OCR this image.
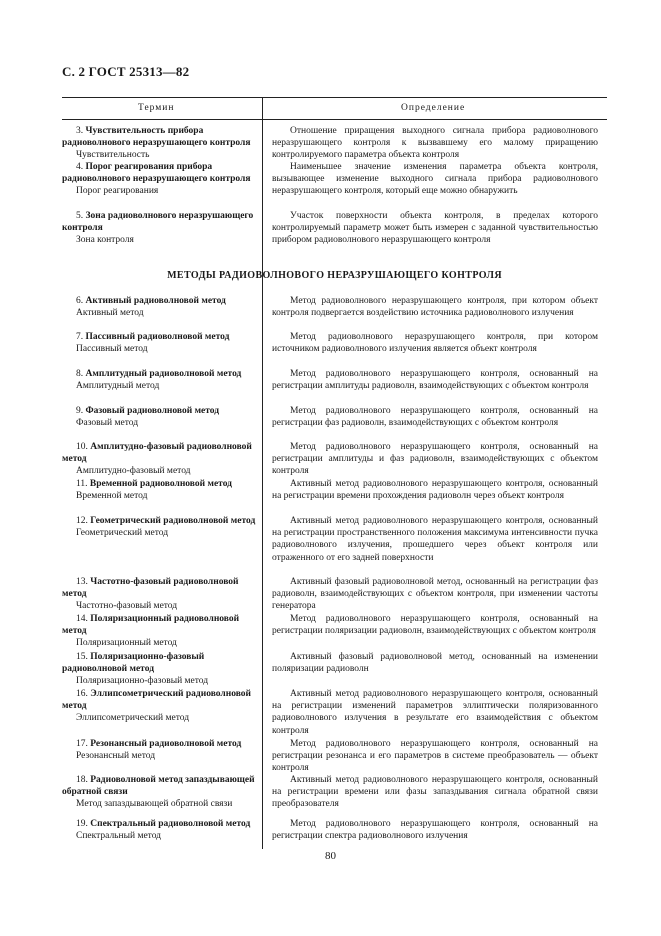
С. 2 ГОСТ 25313—82
Термин	Определение
МЕТОДЫ РАДИОВОЛНОВОГО НЕРАЗРУШАЮЩЕГО КОНТРОЛЯ
3. Чувствительность прибора радиоволнового неразрушающего контроля
Чувствительность
Отношение приращения выходного сигнала прибора радиоволнового неразрушающего контроля к вызвавшему его малому приращению контролируемого параметра объекта контроля
4. Порог реагирования прибора радиоволнового неразрушающего контроля
Порог реагирования
Наименьшее значение изменения параметра объекта контроля, вызывающее изменение выходного сигнала прибора радиоволнового неразрушающего контроля, который еще можно обнаружить
5. Зона радиоволнового неразрушающего контроля
Зона контроля
Участок поверхности объекта контроля, в пределах которого контролируемый параметр может быть измерен с заданной чувствительностью прибором радиоволнового неразрушающего контроля
6. Активный радиоволновой метод
Активный метод
Метод радиоволнового неразрушающего контроля, при котором объект контроля подвергается воздействию источника радиоволнового излучения
7. Пассивный радиоволновой метод
Пассивный метод
Метод радиоволнового неразрушающего контроля, при котором источником радиоволнового излучения является объект контроля
8. Амплитудный радиоволновой метод
Амплитудный метод
Метод радиоволнового неразрушающего контроля, основанный на регистрации амплитуды радиоволн, взаимодействующих с объектом контроля
9. Фазовый радиоволновой метод
Фазовый метод
Метод радиоволнового неразрушающего контроля, основанный на регистрации фаз радиоволн, взаимодействующих с объектом контроля
10. Амплитудно-фазовый радиоволновой метод
Амплитудно-фазовый метод
Метод радиоволнового неразрушающего контроля, основанный на регистрации амплитуды и фаз радиоволн, взаимодействующих с объектом контроля
11. Временной радиоволновой метод
Временной метод
Активный метод радиоволнового неразрушающего контроля, основанный на регистрации времени прохождения радиоволн через объект контроля
12. Геометрический радиоволновой метод
Геометрический метод
Активный метод радиоволнового неразрушающего контроля, основанный на регистрации пространственного положения максимума интенсивности пучка радиоволнового излучения, прошедшего через объект контроля или отраженного от его задней поверхности
13. Частотно-фазовый радиоволновой метод
Частотно-фазовый метод
Активный фазовый радиоволновой метод, основанный на регистрации фаз радиоволн, взаимодействующих с объектом контроля, при изменении частоты генератора
14. Поляризационный радиоволновой метод
Поляризационный метод
Метод радиоволнового неразрушающего контроля, основанный на регистрации поляризации радиоволн, взаимодействующих с объектом контроля
15. Поляризационно-фазовый радиоволновой метод
Поляризационно-фазовый метод
Активный фазовый радиоволновой метод, основанный на изменении поляризации радиоволн
16. Эллипсометрический радиоволновой метод
Эллипсометрический метод
Активный метод радиоволнового неразрушающего контроля, основанный на регистрации изменений параметров эллиптически поляризованного радиоволнового излучения в результате его взаимодействия с объектом контроля
17. Резонансный радиоволновой метод
Резонансный метод
Метод радиоволнового неразрушающего контроля, основанный на регистрации резонанса и его параметров в системе преобразователь — объект контроля
18. Радиоволновой метод запаздывающей обратной связи
Метод запаздывающей обратной связи
Активный метод радиоволнового неразрушающего контроля, основанный на регистрации времени или фазы запаздывания сигнала обратной связи преобразователя
19. Спектральный радиоволновой метод
Спектральный метод
Метод радиоволнового неразрушающего контроля, основанный на регистрации спектра радиоволнового излучения
80
